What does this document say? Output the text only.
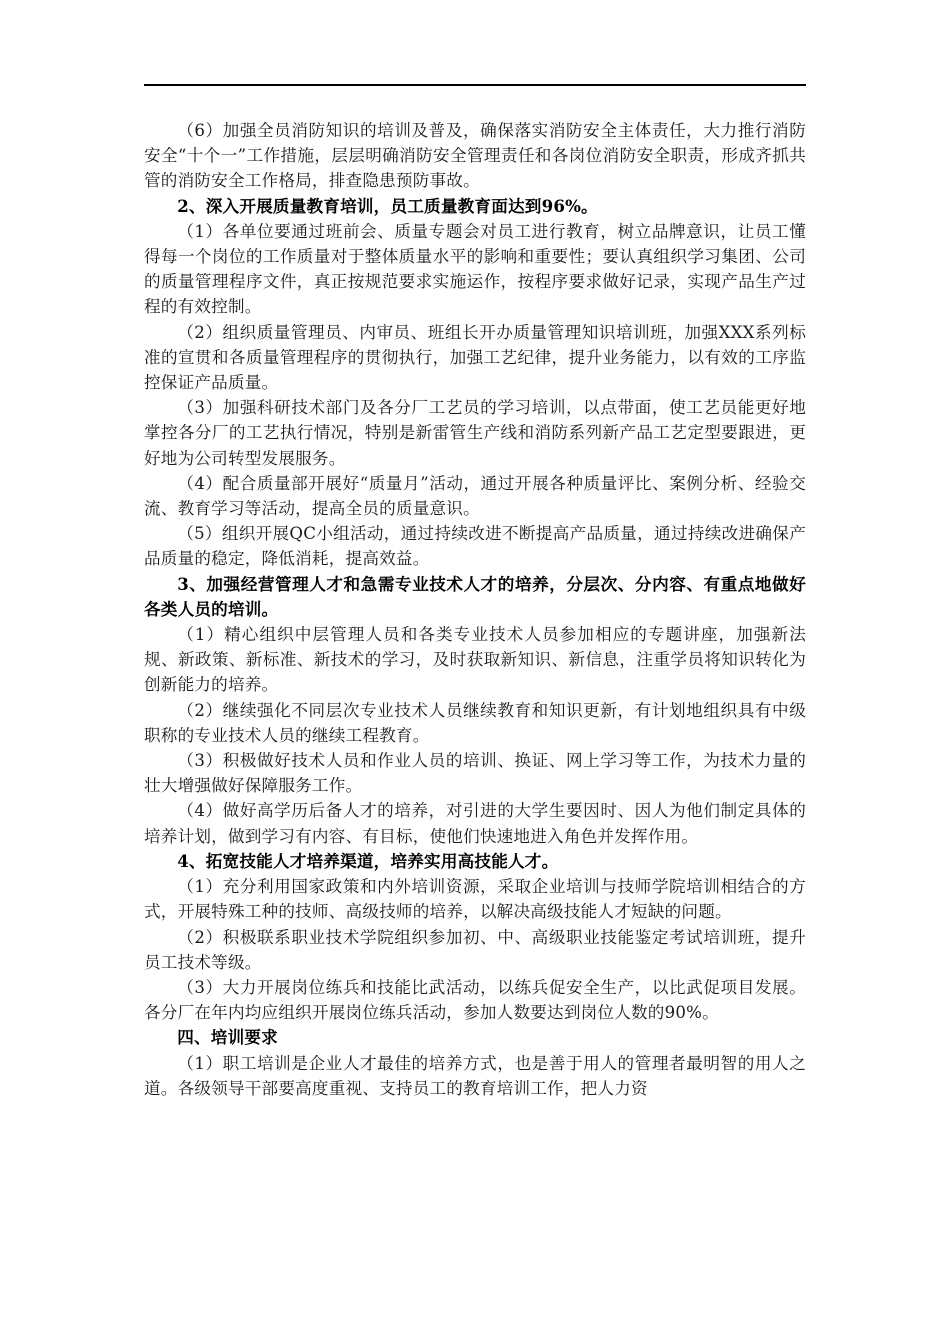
（6）加强全员消防知识的培训及普及，确保落实消防安全主体责任，大力推行消防安全“十个一”工作措施，层层明确消防安全管理责任和各岗位消防安全职责，形成齐抓共管的消防安全工作格局，排查隐患预防事故。

2、深入开展质量教育培训，员工质量教育面达到96%。

（1）各单位要通过班前会、质量专题会对员工进行教育，树立品牌意识，让员工懂得每一个岗位的工作质量对于整体质量水平的影响和重要性；要认真组织学习集团、公司的质量管理程序文件，真正按规范要求实施运作，按程序要求做好记录，实现产品生产过程的有效控制。

（2）组织质量管理员、内审员、班组长开办质量管理知识培训班，加强XXX系列标准的宣贯和各质量管理程序的贯彻执行，加强工艺纪律，提升业务能力，以有效的工序监控保证产品质量。

（3）加强科研技术部门及各分厂工艺员的学习培训，以点带面，使工艺员能更好地掌控各分厂的工艺执行情况，特别是新雷管生产线和消防系列新产品工艺定型要跟进，更好地为公司转型发展服务。

（4）配合质量部开展好“质量月”活动，通过开展各种质量评比、案例分析、经验交流、教育学习等活动，提高全员的质量意识。

（5）组织开展QC小组活动，通过持续改进不断提高产品质量，通过持续改进确保产品质量的稳定，降低消耗，提高效益。

3、加强经营管理人才和急需专业技术人才的培养，分层次、分内容、有重点地做好各类人员的培训。

（1）精心组织中层管理人员和各类专业技术人员参加相应的专题讲座，加强新法规、新政策、新标准、新技术的学习，及时获取新知识、新信息，注重学员将知识转化为创新能力的培养。

（2）继续强化不同层次专业技术人员继续教育和知识更新，有计划地组织具有中级职称的专业技术人员的继续工程教育。

（3）积极做好技术人员和作业人员的培训、换证、网上学习等工作，为技术力量的壮大增强做好保障服务工作。

（4）做好高学历后备人才的培养，对引进的大学生要因时、因人为他们制定具体的培养计划，做到学习有内容、有目标，使他们快速地进入角色并发挥作用。

4、拓宽技能人才培养渠道，培养实用高技能人才。

（1）充分利用国家政策和内外培训资源，采取企业培训与技师学院培训相结合的方式，开展特殊工种的技师、高级技师的培养，以解决高级技能人才短缺的问题。

（2）积极联系职业技术学院组织参加初、中、高级职业技能鉴定考试培训班，提升员工技术等级。

（3）大力开展岗位练兵和技能比武活动，以练兵促安全生产，以比武促项目发展。各分厂在年内均应组织开展岗位练兵活动，参加人数要达到岗位人数的90%。

四、培训要求

（1）职工培训是企业人才最佳的培养方式，也是善于用人的管理者最明智的用人之道。各级领导干部要高度重视、支持员工的教育培训工作，把人力资
